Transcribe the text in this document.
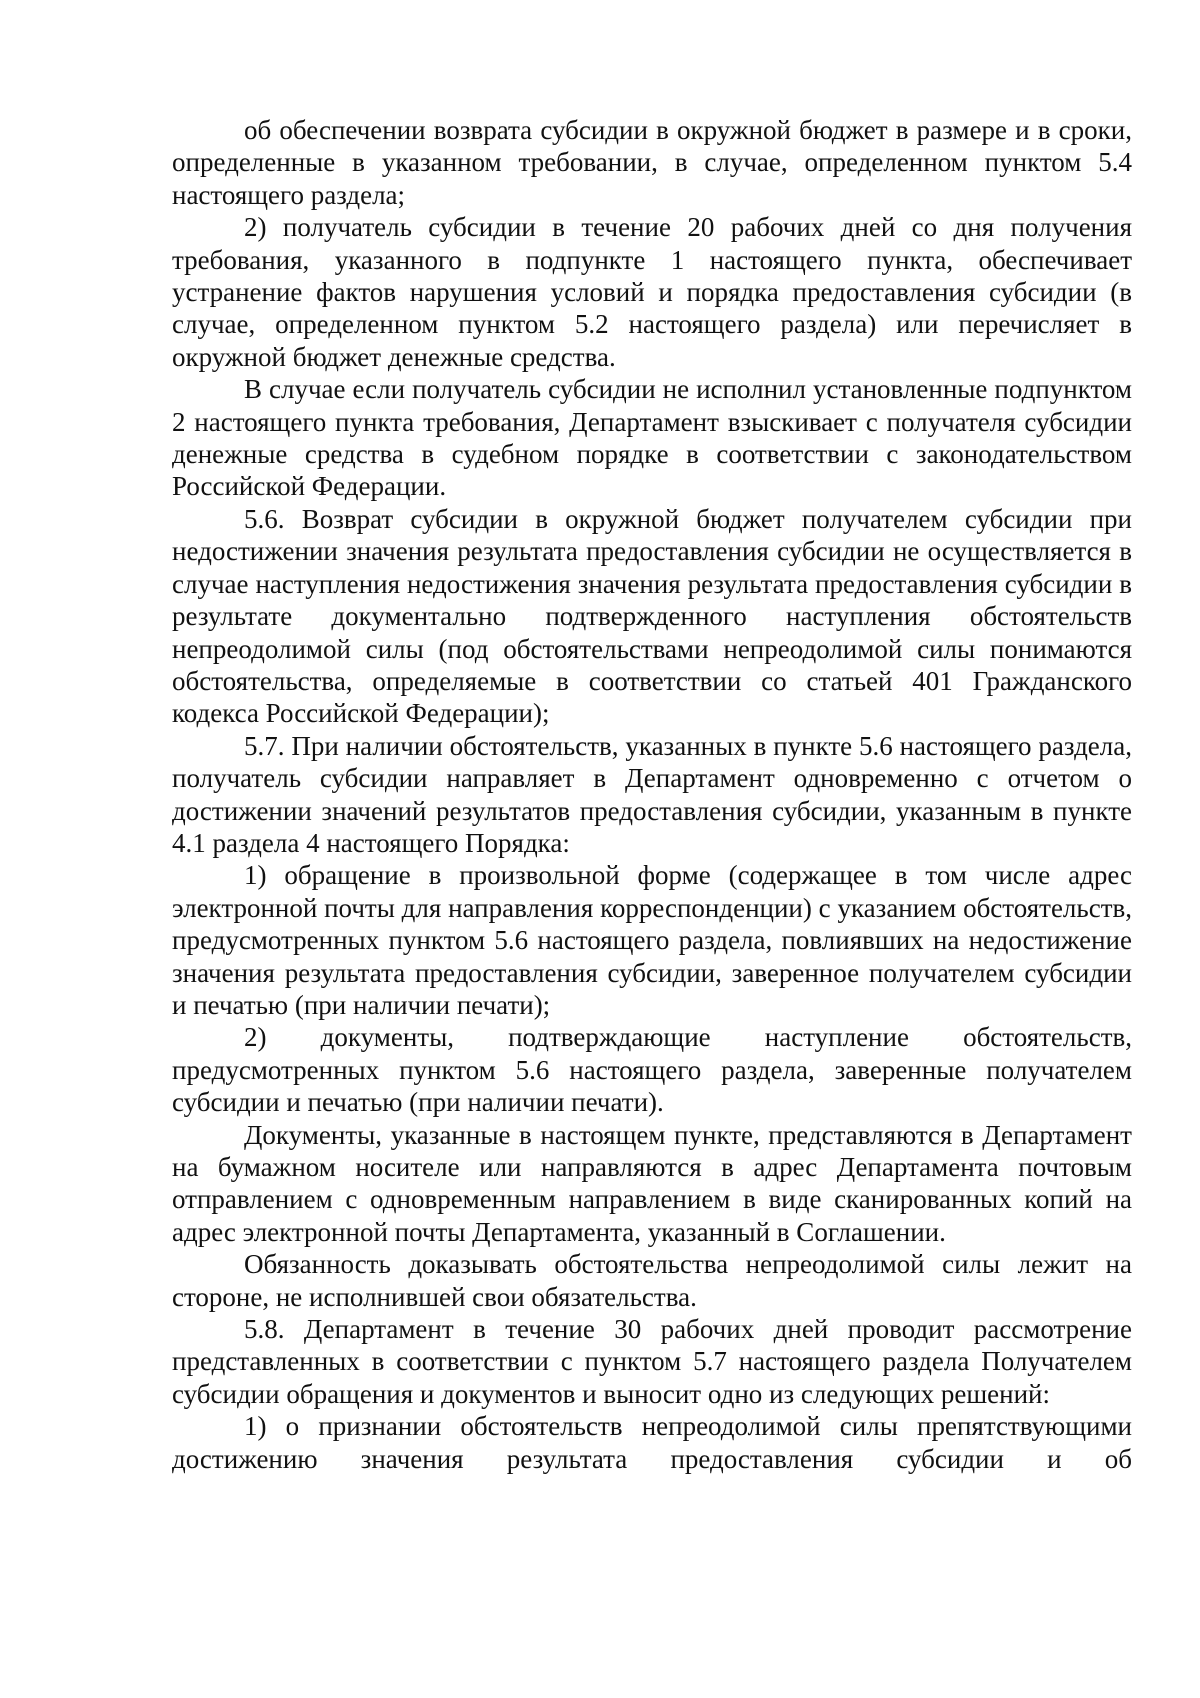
об обеспечении возврата субсидии в окружной бюджет в размере и в сроки, определенные в указанном требовании, в случае, определенном пунктом 5.4 настоящего раздела;

2) получатель субсидии в течение 20 рабочих дней со дня получения требования, указанного в подпункте 1 настоящего пункта, обеспечивает устранение фактов нарушения условий и порядка предоставления субсидии (в случае, определенном пунктом 5.2 настоящего раздела) или перечисляет в окружной бюджет денежные средства.

В случае если получатель субсидии не исполнил установленные подпунктом 2 настоящего пункта требования, Департамент взыскивает с получателя субсидии денежные средства в судебном порядке в соответствии с законодательством Российской Федерации.

5.6. Возврат субсидии в окружной бюджет получателем субсидии при недостижении значения результата предоставления субсидии не осуществляется в случае наступления недостижения значения результата предоставления субсидии в результате документально подтвержденного наступления обстоятельств непреодолимой силы (под обстоятельствами непреодолимой силы понимаются обстоятельства, определяемые в соответствии со статьей 401 Гражданского кодекса Российской Федерации);

5.7. При наличии обстоятельств, указанных в пункте 5.6 настоящего раздела, получатель субсидии направляет в Департамент одновременно с отчетом о достижении значений результатов предоставления субсидии, указанным в пункте 4.1 раздела 4 настоящего Порядка:

1) обращение в произвольной форме (содержащее в том числе адрес электронной почты для направления корреспонденции) с указанием обстоятельств, предусмотренных пунктом 5.6 настоящего раздела, повлиявших на недостижение значения результата предоставления субсидии, заверенное получателем субсидии и печатью (при наличии печати);

2) документы, подтверждающие наступление обстоятельств, предусмотренных пунктом 5.6 настоящего раздела, заверенные получателем субсидии и печатью (при наличии печати).

Документы, указанные в настоящем пункте, представляются в Департамент на бумажном носителе или направляются в адрес Департамента почтовым отправлением с одновременным направлением в виде сканированных копий на адрес электронной почты Департамента, указанный в Соглашении.

Обязанность доказывать обстоятельства непреодолимой силы лежит на стороне, не исполнившей свои обязательства.

5.8. Департамент в течение 30 рабочих дней проводит рассмотрение представленных в соответствии с пунктом 5.7 настоящего раздела Получателем субсидии обращения и документов и выносит одно из следующих решений:

1) о признании обстоятельств непреодолимой силы препятствующими достижению значения результата предоставления субсидии и об
